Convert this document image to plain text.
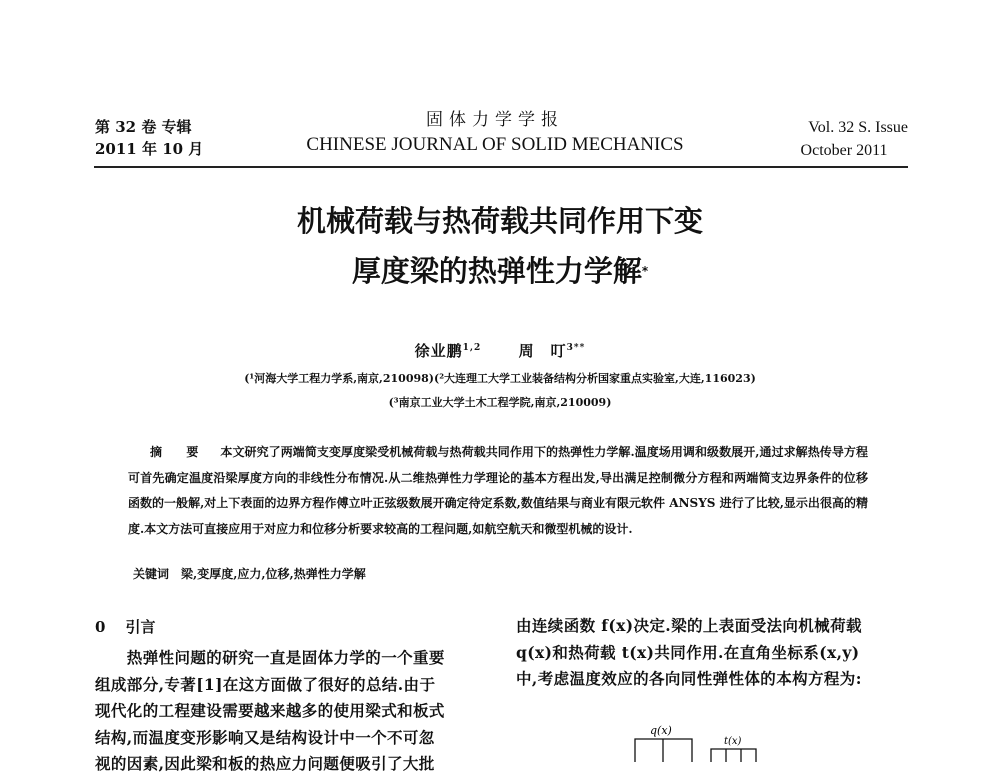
第 32 卷 专辑
2011 年 10 月
固体力学学报
CHINESE JOURNAL OF SOLID MECHANICS
Vol. 32 S. Issue
October 2011
机械荷载与热荷载共同作用下变
厚度梁的热弹性力学解*
徐业鹏$^{1,2}$ 周　叮$^{3**}$
(¹河海大学工程力学系,南京,210098)(²大连理工大学工业装备结构分析国家重点实验室,大连,116023)
(³南京工业大学土木工程学院,南京,210009)
摘 要 本文研究了两端简支变厚度梁受机械荷载与热荷载共同作用下的热弹性力学解.温度场用调和级数展开,通过求解热传导方程可首先确定温度沿梁厚度方向的非线性分布情况.从二维热弹性力学理论的基本方程出发,导出满足控制微分方程和两端简支边界条件的位移函数的一般解,对上下表面的边界方程作傅立叶正弦级数展开确定待定系数,数值结果与商业有限元软件 ANSYS 进行了比较,显示出很高的精度.本文方法可直接应用于对应力和位移分析要求较高的工程问题,如航空航天和微型机械的设计.
关键词 梁,变厚度,应力,位移,热弹性力学解
0 引言
　　热弹性问题的研究一直是固体力学的一个重要
组成部分,专著[1]在这方面做了很好的总结.由于
现代化的工程建设需要越来越多的使用梁式和板式
结构,而温度变形影响又是结构设计中一个不可忽
视的因素,因此梁和板的热应力问题便吸引了大批
由连续函数 f(x)决定.梁的上表面受法向机械荷载
q(x)和热荷载 t(x)共同作用.在直角坐标系(x,y)
中,考虑温度效应的各向同性弹性体的本构方程为:
q(x)
t(x)
